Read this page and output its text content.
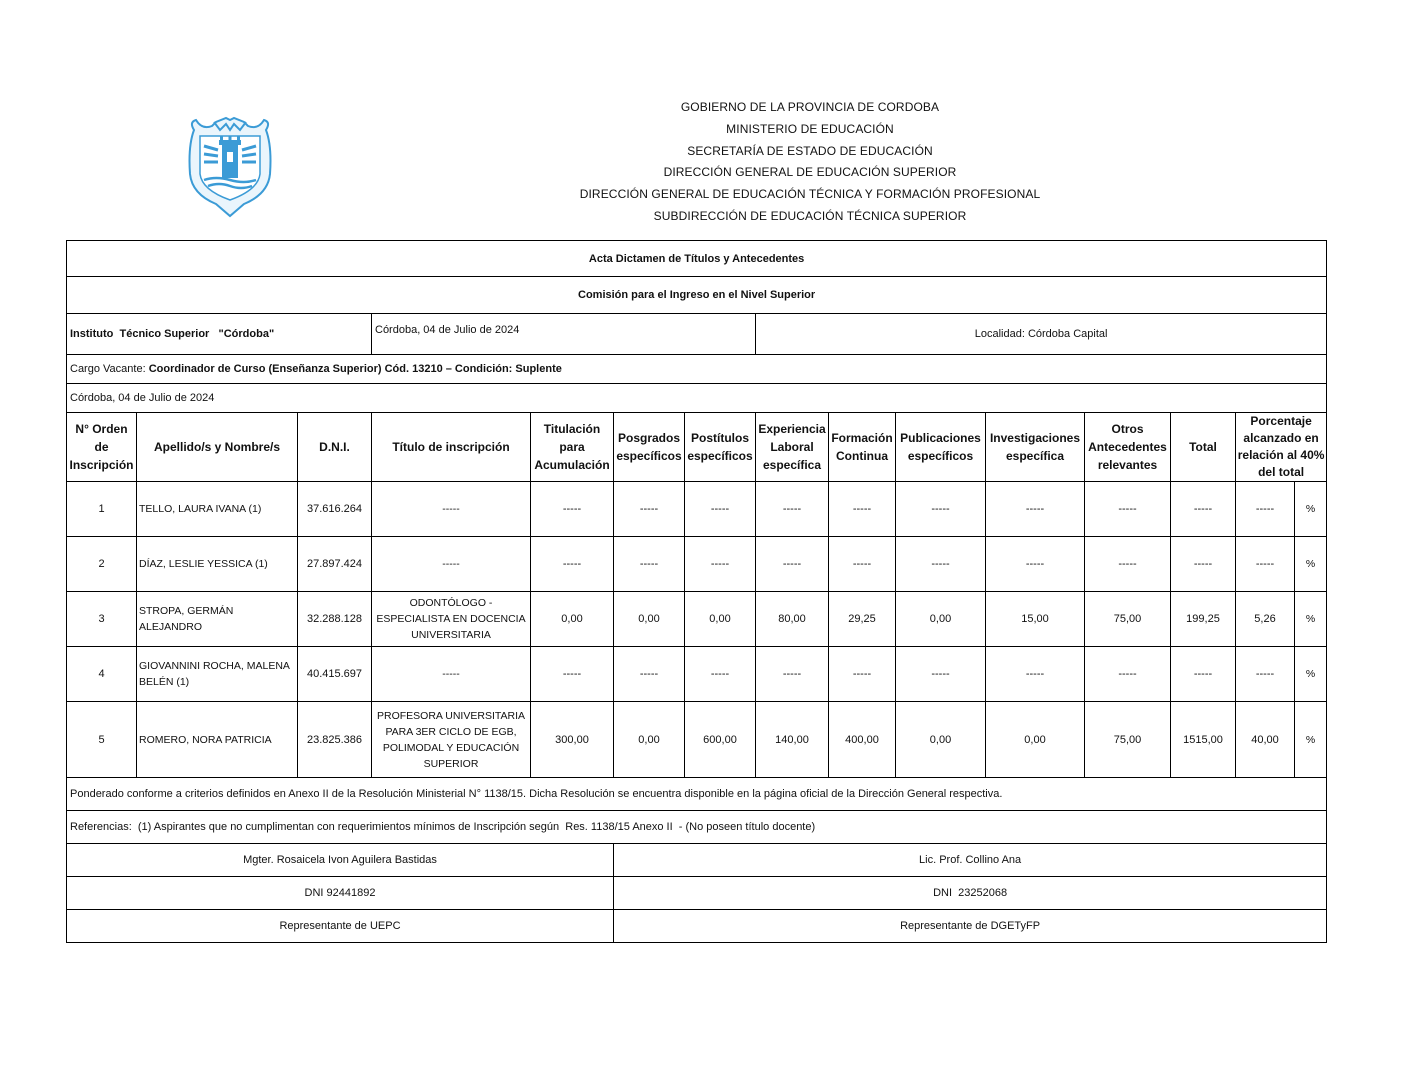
GOBIERNO DE LA PROVINCIA DE CORDOBA
MINISTERIO DE EDUCACIÓN
SECRETARÍA DE ESTADO DE EDUCACIÓN
DIRECCIÓN GENERAL DE EDUCACIÓN SUPERIOR
DIRECCIÓN GENERAL DE EDUCACIÓN TÉCNICA Y FORMACIÓN PROFESIONAL
SUBDIRECCIÓN DE EDUCACIÓN TÉCNICA SUPERIOR
Acta Dictamen de Títulos y Antecedentes														
Comisión para el Ingreso en el Nivel Superior														
Instituto  Técnico Superior   "Córdoba"			Córdoba, 04 de Julio de 2024				Localidad: Córdoba Capital							
Cargo Vacante: Coordinador de Curso (Enseñanza Superior) Cód. 13210 – Condición: Suplente														
Córdoba, 04 de Julio de 2024														
N° Orden de Inscripción	Apellido/s y Nombre/s	D.N.I.	Título de inscripción	Titulación para Acumulación	Posgrados específicos	Postítulos específicos	Experiencia Laboral específica	Formación Continua	Publicaciones específicos	Investigaciones específica	Otros Antecedentes relevantes	Total	Porcentaje alcanzado en relación al 40% del total	
1	TELLO, LAURA IVANA (1)	37.616.264	-----	-----	-----	-----	-----	-----	-----	-----	-----	-----	-----	%
2	DÍAZ, LESLIE YESSICA (1)	27.897.424	-----	-----	-----	-----	-----	-----	-----	-----	-----	-----	-----	%
3	STROPA, GERMÁN ALEJANDRO	32.288.128	ODONTÓLOGO - ESPECIALISTA EN DOCENCIA UNIVERSITARIA	0,00	0,00	0,00	80,00	29,25	0,00	15,00	75,00	199,25	5,26	%
4	GIOVANNINI ROCHA, MALENA BELÉN (1)	40.415.697	-----	-----	-----	-----	-----	-----	-----	-----	-----	-----	-----	%
5	ROMERO, NORA PATRICIA	23.825.386	PROFESORA UNIVERSITARIA PARA 3ER CICLO DE EGB, POLIMODAL Y EDUCACIÓN SUPERIOR	300,00	0,00	600,00	140,00	400,00	0,00	0,00	75,00	1515,00	40,00	%
Ponderado conforme a criterios definidos en Anexo II de la Resolución Ministerial N° 1138/15. Dicha Resolución se encuentra disponible en la página oficial de la Dirección General respectiva.														
Referencias:  (1) Aspirantes que no cumplimentan con requerimientos mínimos de Inscripción según  Res. 1138/15 Anexo II  - (No poseen título docente)														
Mgter. Rosaicela Ivon Aguilera Bastidas					Lic. Prof. Collino Ana									
DNI 92441892					DNI  23252068									
Representante de UEPC					Representante de DGETyFP									
